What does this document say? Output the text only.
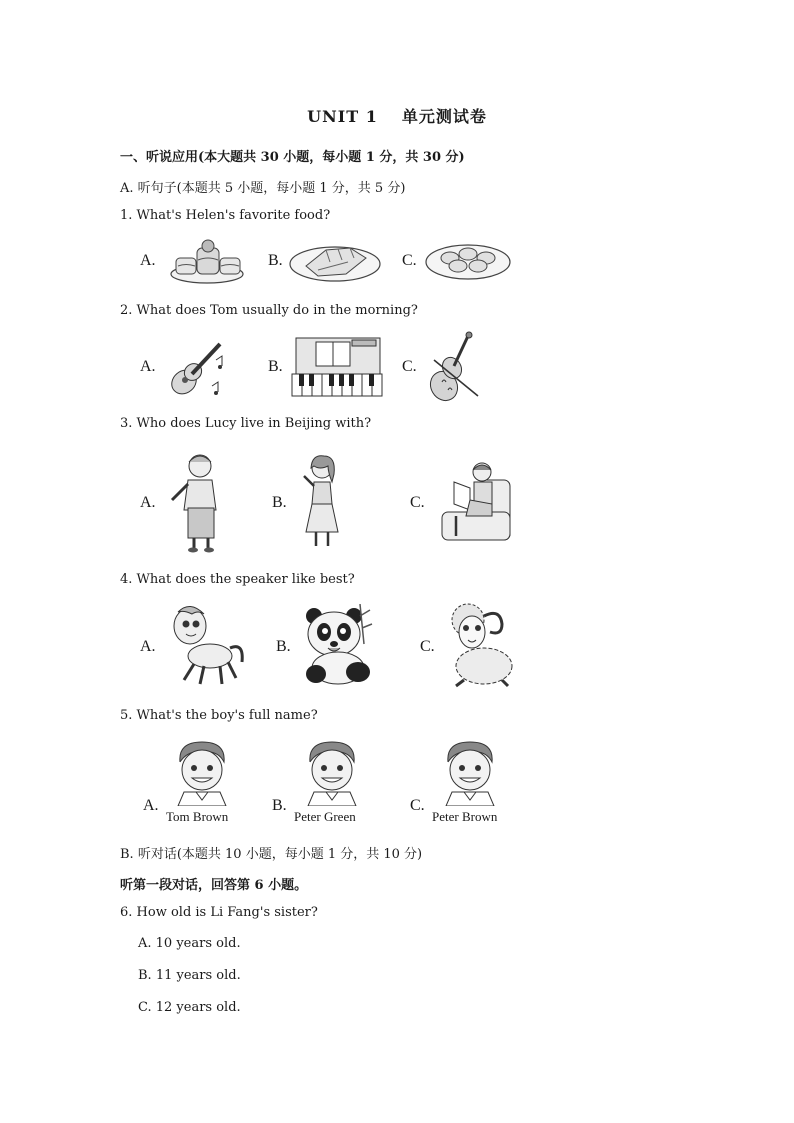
UNIT 1 单元测试卷
一、听说应用(本大题共 30 小题，每小题 1 分，共 30 分)
A. 听句子(本题共 5 小题，每小题 1 分，共 5 分)
1. What's Helen's favorite food?
A.	B.	C.
2. What does Tom usually do in the morning?
A.	B.	C.
3. Who does Lucy live in Beijing with?
A.	B.	C.
4. What does the speaker like best?
A.	B.	C.
5. What's the boy's full name?
A.
Tom Brown
B.
Peter Green
C.
Peter Brown
B. 听对话(本题共 10 小题，每小题 1 分，共 10 分)
听第一段对话，回答第 6 小题。
6. How old is Li Fang's sister?
A. 10 years old.
B. 11 years old.
C. 12 years old.
